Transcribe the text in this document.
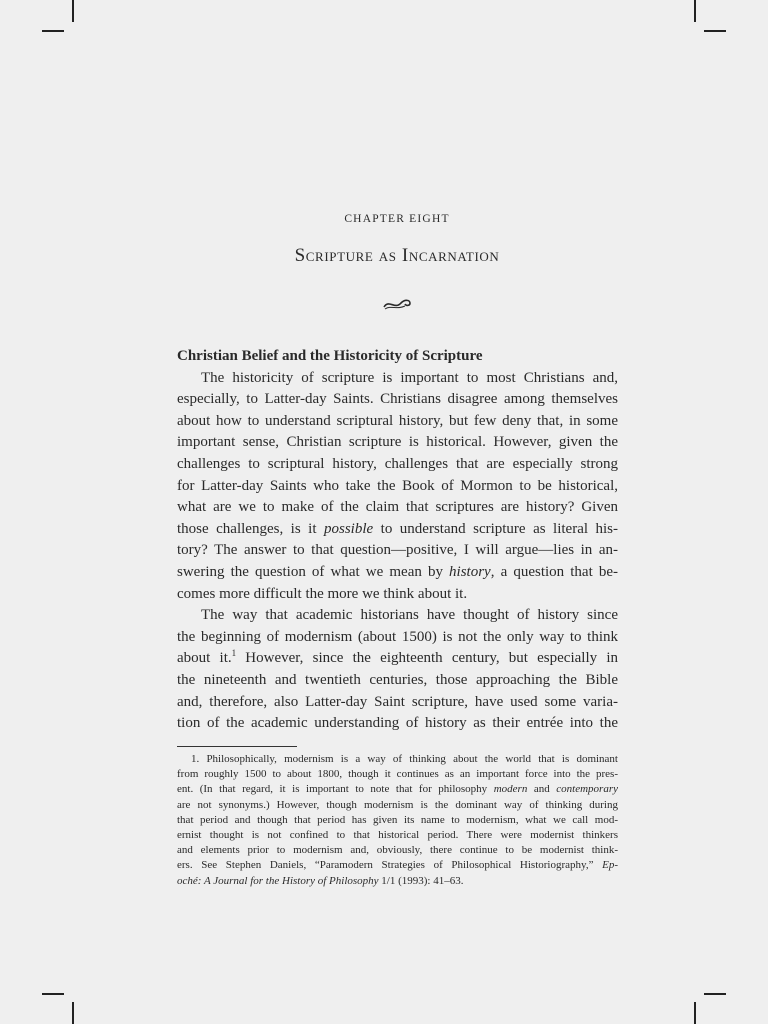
CHAPTER EIGHT
Scripture as Incarnation
Christian Belief and the Historicity of Scripture
The historicity of scripture is important to most Christians and,
especially, to Latter-day Saints. Christians disagree among themselves
about how to understand scriptural history, but few deny that, in some
important sense, Christian scripture is historical. However, given the
challenges to scriptural history, challenges that are especially strong
for Latter-day Saints who take the Book of Mormon to be historical,
what are we to make of the claim that scriptures are history? Given
those challenges, is it possible to understand scripture as literal his-
tory? The answer to that question—positive, I will argue—lies in an-
swering the question of what we mean by history, a question that be-
comes more difficult the more we think about it.
The way that academic historians have thought of history since
the beginning of modernism (about 1500) is not the only way to think
about it.$^1$ However, since the eighteenth century, but especially in
the nineteenth and twentieth centuries, those approaching the Bible
and, therefore, also Latter-day Saint scripture, have used some varia-
tion of the academic understanding of history as their entrée into the
1. Philosophically, modernism is a way of thinking about the world that is dominant
from roughly 1500 to about 1800, though it continues as an important force into the pres-
ent. (In that regard, it is important to note that for philosophy modern and contemporary
are not synonyms.) However, though modernism is the dominant way of thinking during
that period and though that period has given its name to modernism, what we call mod-
ernist thought is not confined to that historical period. There were modernist thinkers
and elements prior to modernism and, obviously, there continue to be modernist think-
ers. See Stephen Daniels, “Paramodern Strategies of Philosophical Historiography,” Ep-
oché: A Journal for the History of Philosophy 1/1 (1993): 41–63.
